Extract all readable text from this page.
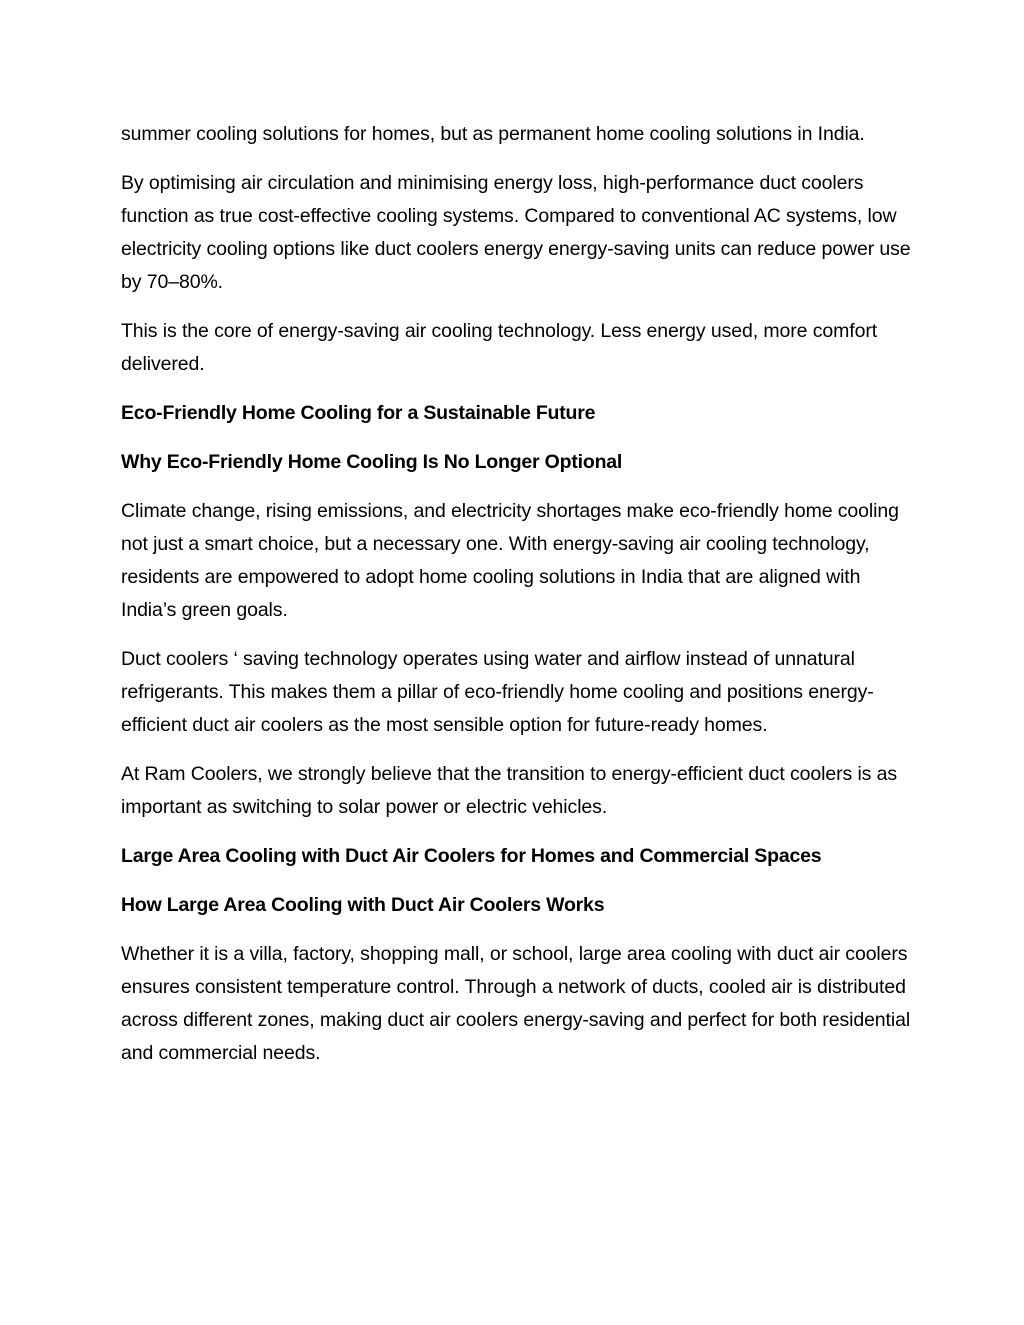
summer cooling solutions for homes, but as permanent home cooling solutions in India.

By optimising air circulation and minimising energy loss, high-performance duct coolers function as true cost-effective cooling systems. Compared to conventional AC systems, low electricity cooling options like duct coolers energy energy-saving units can reduce power use by 70–80%.

This is the core of energy-saving air cooling technology. Less energy used, more comfort delivered.

Eco-Friendly Home Cooling for a Sustainable Future

Why Eco-Friendly Home Cooling Is No Longer Optional

Climate change, rising emissions, and electricity shortages make eco-friendly home cooling not just a smart choice, but a necessary one. With energy-saving air cooling technology, residents are empowered to adopt home cooling solutions in India that are aligned with India’s green goals.

Duct coolers ‘ saving technology operates using water and airflow instead of unnatural refrigerants. This makes them a pillar of eco-friendly home cooling and positions energy-efficient duct air coolers as the most sensible option for future-ready homes.

At Ram Coolers, we strongly believe that the transition to energy-efficient duct coolers is as important as switching to solar power or electric vehicles.

Large Area Cooling with Duct Air Coolers for Homes and Commercial Spaces

How Large Area Cooling with Duct Air Coolers Works

Whether it is a villa, factory, shopping mall, or school, large area cooling with duct air coolers ensures consistent temperature control. Through a network of ducts, cooled air is distributed across different zones, making duct air coolers energy-saving and perfect for both residential and commercial needs.
